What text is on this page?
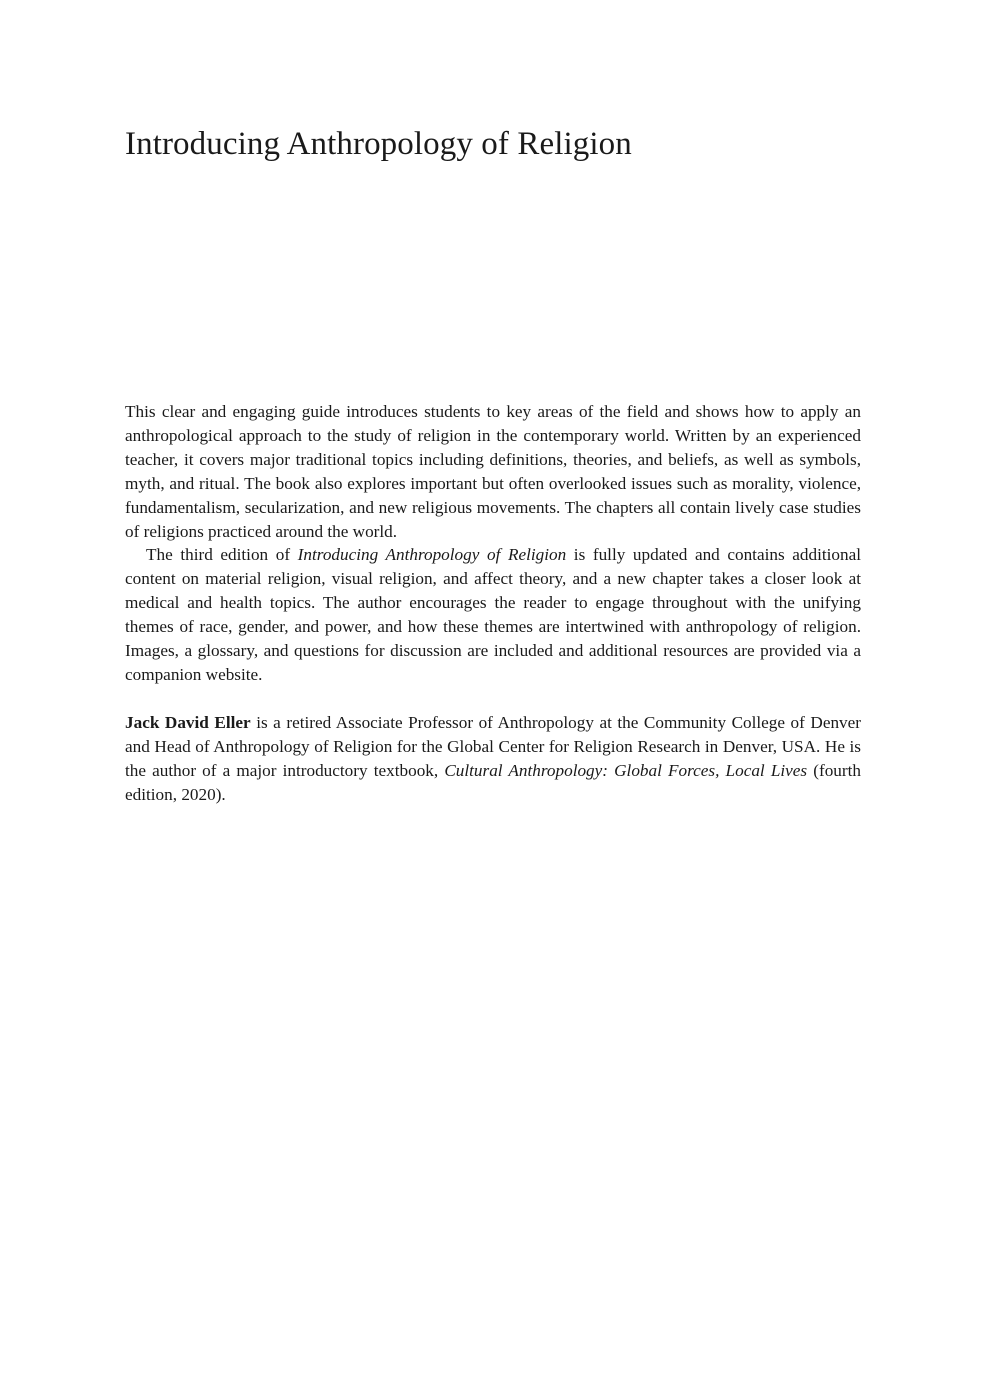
Introducing Anthropology of Religion

This clear and engaging guide introduces students to key areas of the field and shows how to apply an anthropological approach to the study of religion in the contemporary world. Written by an experienced teacher, it covers major traditional topics including definitions, theories, and beliefs, as well as symbols, myth, and ritual. The book also explores important but often overlooked issues such as morality, violence, fundamentalism, secularization, and new religious movements. The chapters all contain lively case studies of religions practiced around the world.

The third edition of Introducing Anthropology of Religion is fully updated and contains additional content on material religion, visual religion, and affect theory, and a new chapter takes a closer look at medical and health topics. The author encourages the reader to engage throughout with the unifying themes of race, gender, and power, and how these themes are intertwined with anthropology of religion. Images, a glossary, and questions for discussion are included and additional resources are provided via a companion website.

Jack David Eller is a retired Associate Professor of Anthropology at the Community College of Denver and Head of Anthropology of Religion for the Global Center for Religion Research in Denver, USA. He is the author of a major introductory textbook, Cultural Anthropology: Global Forces, Local Lives (fourth edition, 2020).
